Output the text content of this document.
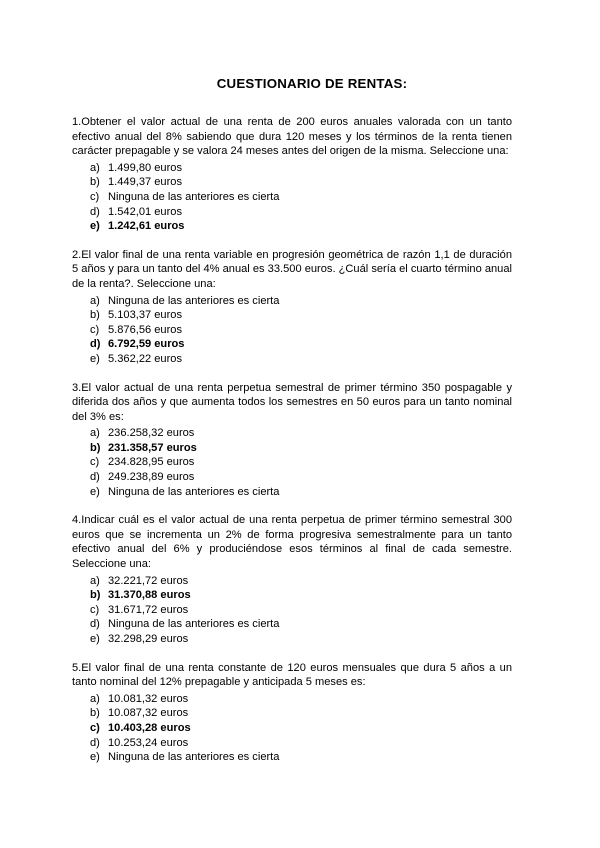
CUESTIONARIO DE RENTAS:

1.Obtener el valor actual de una renta de 200 euros anuales valorada con un tanto efectivo anual del 8% sabiendo que dura 120 meses y los términos de la renta tienen carácter prepagable y se valora 24 meses antes del origen de la misma. Seleccione una:

a) 1.499,80 euros
b) 1.449,37 euros
c) Ninguna de las anteriores es cierta
d) 1.542,01 euros
e) 1.242,61 euros

2.El valor final de una renta variable en progresión geométrica de razón 1,1 de duración 5 años y para un tanto del 4% anual es 33.500 euros. ¿Cuál sería el cuarto término anual de la renta?. Seleccione una:

a) Ninguna de las anteriores es cierta
b) 5.103,37 euros
c) 5.876,56 euros
d) 6.792,59 euros
e) 5.362,22 euros

3.El valor actual de una renta perpetua semestral de primer término 350 pospagable y diferida dos años y que aumenta todos los semestres en 50 euros para un tanto nominal del 3% es:

a) 236.258,32 euros
b) 231.358,57 euros
c) 234.828,95 euros
d) 249.238,89 euros
e) Ninguna de las anteriores es cierta

4.Indicar cuál es el valor actual de una renta perpetua de primer término semestral 300 euros que se incrementa un 2% de forma progresiva semestralmente para un tanto efectivo anual del 6% y produciéndose esos términos al final de cada semestre. Seleccione una:

a) 32.221,72 euros
b) 31.370,88 euros
c) 31.671,72 euros
d) Ninguna de las anteriores es cierta
e) 32.298,29 euros

5.El valor final de una renta constante de 120 euros mensuales que dura 5 años a un tanto nominal del 12% prepagable y anticipada 5 meses es:

a) 10.081,32 euros
b) 10.087,32 euros
c) 10.403,28 euros
d) 10.253,24 euros
e) Ninguna de las anteriores es cierta
